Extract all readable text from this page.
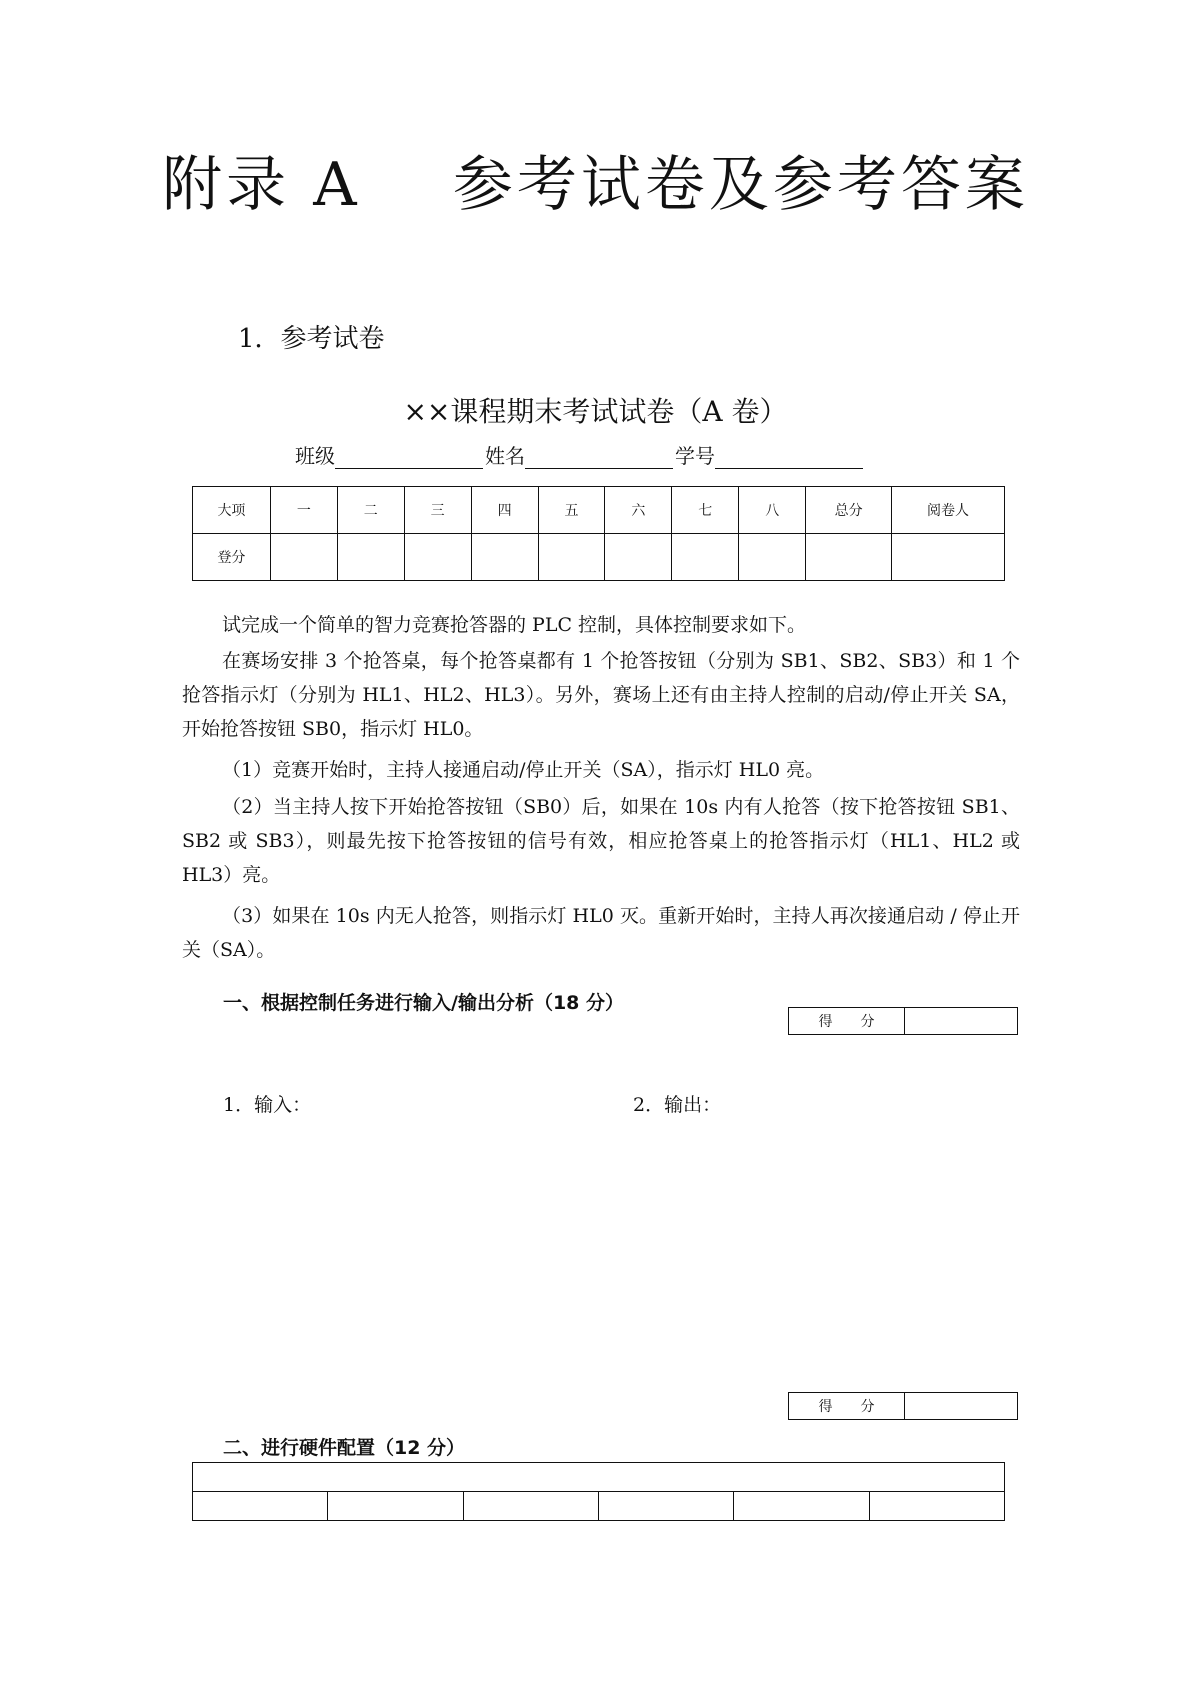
附录 A    参考试卷及参考答案
1．参考试卷
××课程期末考试试卷（A 卷）
班级	姓名	学号
大项	一	二	三	四	五	六	七	八	总分	阅卷人
登分										
试完成一个简单的智力竞赛抢答器的 PLC 控制，具体控制要求如下。
在赛场安排 3 个抢答桌，每个抢答桌都有 1 个抢答按钮（分别为 SB1、SB2、SB3）和 1 个抢答指示灯（分别为 HL1、HL2、HL3）。另外，赛场上还有由主持人控制的启动/停止开关 SA，开始抢答按钮 SB0，指示灯 HL0。
（1）竞赛开始时，主持人接通启动/停止开关（SA），指示灯 HL0 亮。
（2）当主持人按下开始抢答按钮（SB0）后，如果在 10s 内有人抢答（按下抢答按钮 SB1、SB2 或 SB3），则最先按下抢答按钮的信号有效，相应抢答桌上的抢答指示灯（HL1、HL2 或 HL3）亮。
（3）如果在 10s 内无人抢答，则指示灯 HL0 灭。重新开始时，主持人再次接通启动 / 停止开关（SA）。
一、根据控制任务进行输入/输出分析（18 分）
得　　分	
1．输入：	2．输出：
得　　分	
二、进行硬件配置（12 分）
